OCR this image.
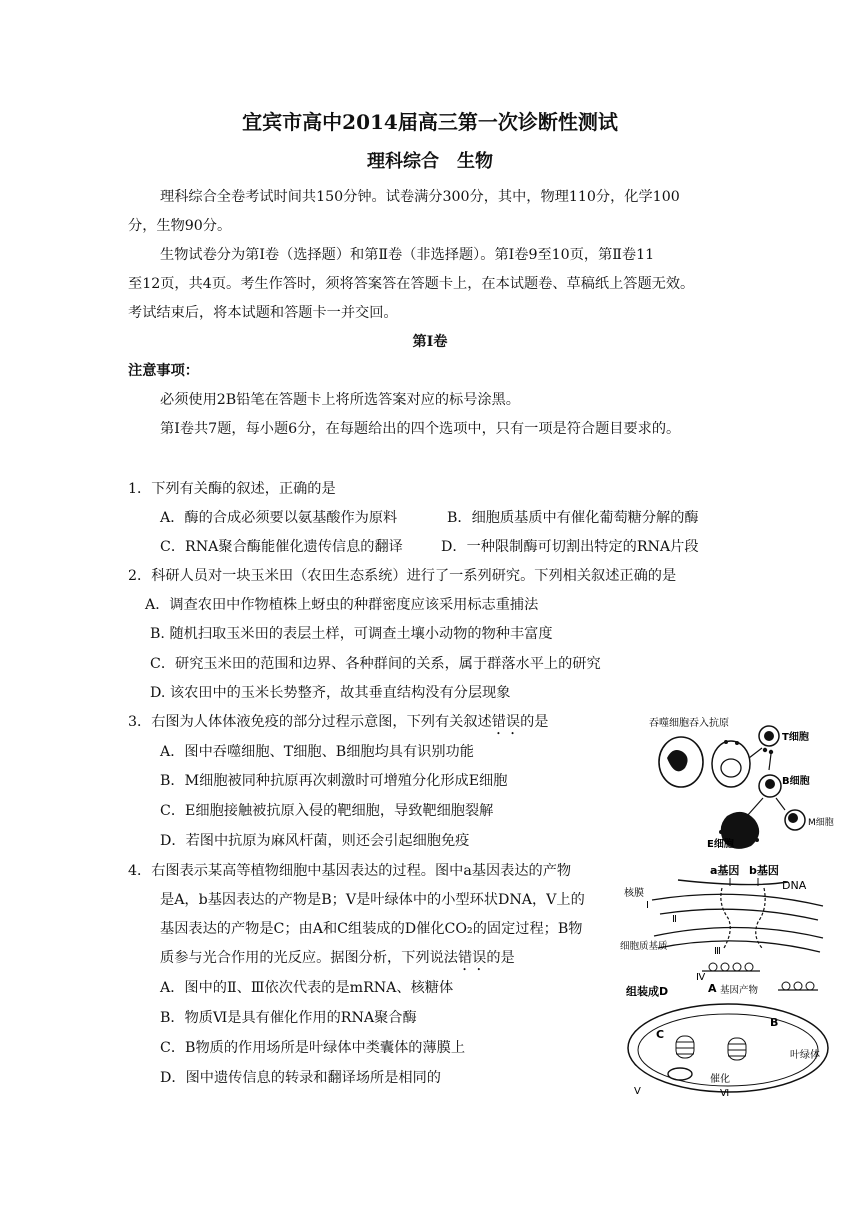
宜宾市高中2014届高三第一次诊断性测试
理科综合　生物
理科综合全卷考试时间共150分钟。试卷满分300分，其中，物理110分，化学100
分，生物90分。
生物试卷分为第Ⅰ卷（选择题）和第Ⅱ卷（非选择题）。第Ⅰ卷9至10页，第Ⅱ卷11
至12页，共4页。考生作答时，须将答案答在答题卡上，在本试题卷、草稿纸上答题无效。
考试结束后，将本试题和答题卡一并交回。
第Ⅰ卷
注意事项：
必须使用2B铅笔在答题卡上将所选答案对应的标号涂黑。
第Ⅰ卷共7题，每小题6分，在每题给出的四个选项中，只有一项是符合题目要求的。
1．下列有关酶的叙述，正确的是
A．酶的合成必须要以氨基酸作为原料	B．细胞质基质中有催化葡萄糖分解的酶
C．RNA聚合酶能催化遗传信息的翻译	D．一种限制酶可切割出特定的RNA片段
2．科研人员对一块玉米田（农田生态系统）进行了一系列研究。下列相关叙述正确的是
A．调查农田中作物植株上蚜虫的种群密度应该采用标志重捕法
B. 随机扫取玉米田的表层土样，可调查土壤小动物的物种丰富度
C．研究玉米田的范围和边界、各种群间的关系，属于群落水平上的研究
D. 该农田中的玉米长势整齐，故其垂直结构没有分层现象
3．右图为人体体液免疫的部分过程示意图，下列有关叙述错误的是
A．图中吞噬细胞、T细胞、B细胞均具有识别功能
B．M细胞被同种抗原再次刺激时可增殖分化形成E细胞
C．E细胞接触被抗原入侵的靶细胞，导致靶细胞裂解
D．若图中抗原为麻风杆菌，则还会引起细胞免疫
4．右图表示某高等植物细胞中基因表达的过程。图中a基因表达的产物
是A，b基因表达的产物是B；Ⅴ是叶绿体中的小型环状DNA，Ⅴ上的
基因表达的产物是C；由A和C组装成的D催化CO₂的固定过程；B物
质参与光合作用的光反应。据图分析，下列说法错误的是
A．图中的Ⅱ、Ⅲ依次代表的是mRNA、核糖体
B．物质Ⅵ是具有催化作用的RNA聚合酶
C．B物质的作用场所是叶绿体中类囊体的薄膜上
D．图中遗传信息的转录和翻译场所是相同的
吞噬细胞吞入抗原
T细胞
B细胞
M细胞
E细胞
a基因 b基因
DNA
核膜
Ⅰ
Ⅱ
细胞质基质	Ⅲ
Ⅳ
组装成D	A 基因产物
B
叶绿体
C
Ⅴ
催化
Ⅵ
